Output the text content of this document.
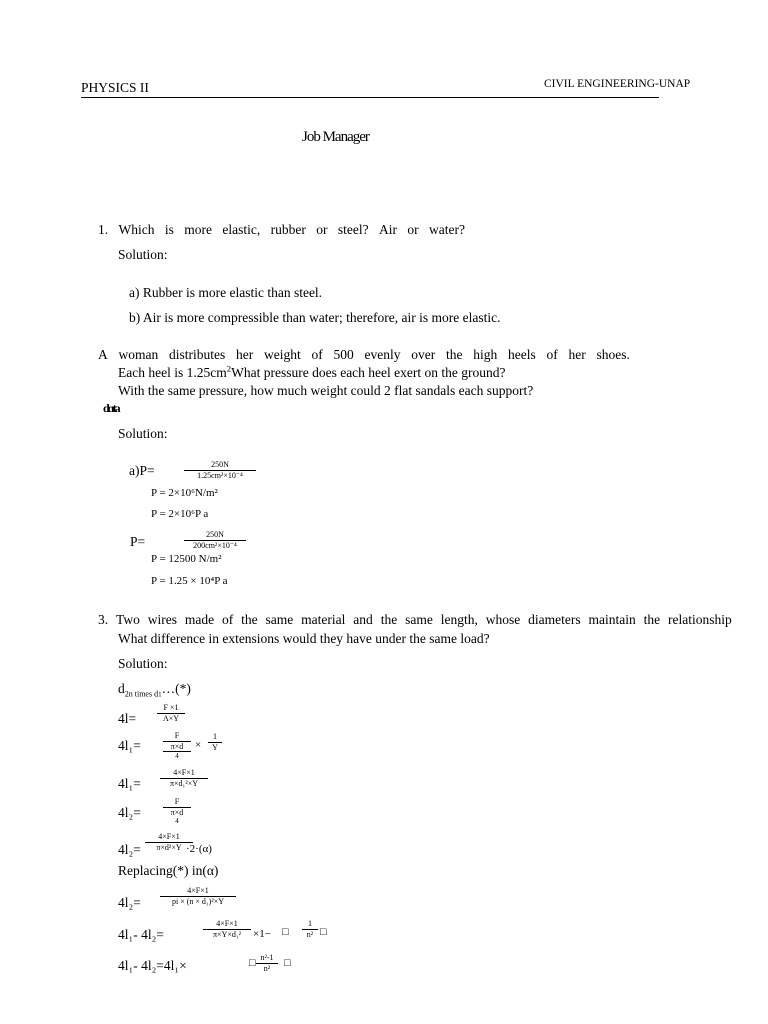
PHYSICS II	CIVIL ENGINEERING-UNAP
Job Manager
1. Which is more elastic, rubber or steel? Air or water?
Solution:
a) Rubber is more elastic than steel.
b) Air is more compressible than water; therefore, air is more elastic.
A woman distributes her weight of 500 evenly over the high heels of her shoes.
Each heel is $1.25cm^2What$ pressure does each heel exert on the ground?
With the same pressure, how much weight could 2 flat sandals each support?
dɑta
Solution:
a)P=	$\frac{250N}{\text{1.25cm²×10⁻⁴}}$
P = 2×10⁶N/m²
P = 2×10⁶P a
P=	$\frac{250N}{\text{200cm²×10⁻⁴}}$
P = 12500 N/m²
P = 1.25 × 10⁴P a
3. Two wires made of the same material and the same length, whose diameters maintain the relationship
What difference in extensions would they have under the same load?
Solution:
$d_{2n times d1}\dots(*)$
4l=	$\frac{F \times 1}{A\times Y}$
4l₁=
F
π×d
4
× $\frac{1}{Y}$
$4l_1= \frac{4\times F\times 1}{\text{π×d₁²×Y}}$
4l₂=
F
π×d
4
$4l_2= \frac{4\times F\times 1}{\text{π×d²×Y}}$
·2·(α)
Replacing(*) in(α)
$4l_2= \frac{4\times F\times 1}{\text{pi × (n × d₁)²×Y}}$
4l₁- 4l₂=	$\frac{4\times F\times 1}{\text{π×Y×d₁²}} \times 1-$ □ $\frac{1}{\text{n²}}$ □
4l₁- 4l₂=4l₁×	□ $\frac{\text{n²-1}}{\text{n²}}$ □
